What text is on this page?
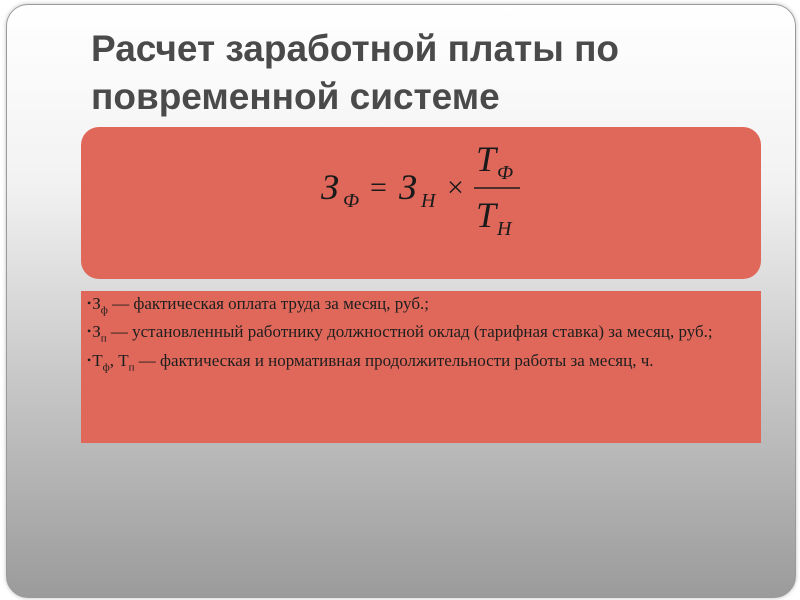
Расчет заработной платы по повременной системе
З Ф = З Н ×
Т Ф
Т Н
$•З_ф$ — фактическая оплата труда за месяц, руб.;
$•З_п$ — установленный работнику должностной оклад (тарифная ставка) за месяц, руб.;
$•Т_ф$, $Т_п$ — фактическая и нормативная продолжительности работы за месяц, ч.
